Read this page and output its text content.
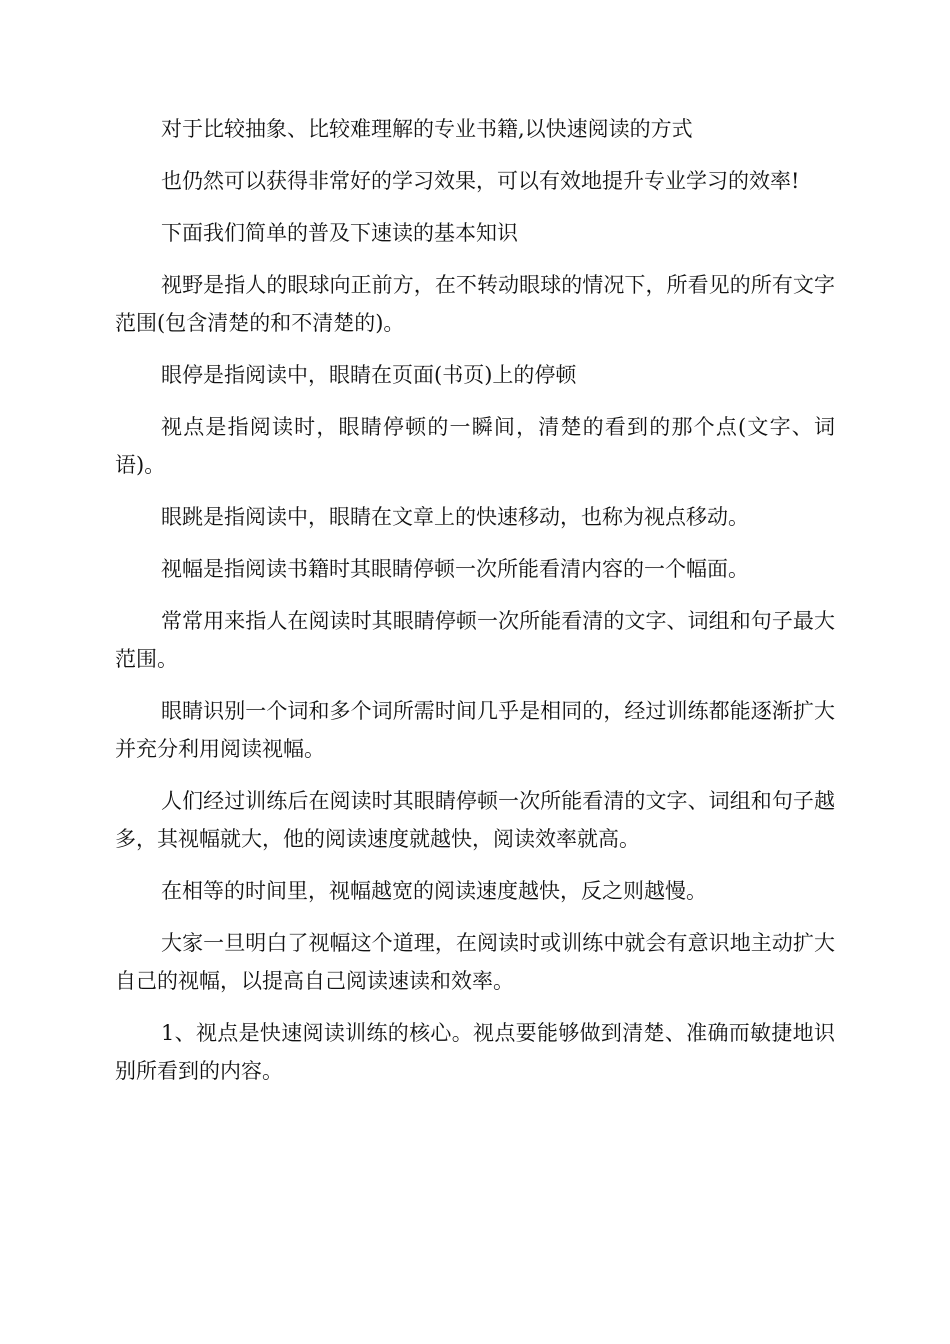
对于比较抽象、比较难理解的专业书籍,以快速阅读的方式

也仍然可以获得非常好的学习效果，可以有效地提升专业学习的效率!

下面我们简单的普及下速读的基本知识

视野是指人的眼球向正前方，在不转动眼球的情况下，所看见的所有文字范围(包含清楚的和不清楚的)。

眼停是指阅读中，眼睛在页面(书页)上的停顿

视点是指阅读时，眼睛停顿的一瞬间，清楚的看到的那个点(文字、词语)。

眼跳是指阅读中，眼睛在文章上的快速移动，也称为视点移动。

视幅是指阅读书籍时其眼睛停顿一次所能看清内容的一个幅面。

常常用来指人在阅读时其眼睛停顿一次所能看清的文字、词组和句子最大范围。

眼睛识别一个词和多个词所需时间几乎是相同的，经过训练都能逐渐扩大并充分利用阅读视幅。

人们经过训练后在阅读时其眼睛停顿一次所能看清的文字、词组和句子越多，其视幅就大，他的阅读速度就越快，阅读效率就高。

在相等的时间里，视幅越宽的阅读速度越快，反之则越慢。

大家一旦明白了视幅这个道理，在阅读时或训练中就会有意识地主动扩大自己的视幅，以提高自己阅读速读和效率。

1、视点是快速阅读训练的核心。视点要能够做到清楚、准确而敏捷地识别所看到的内容。
